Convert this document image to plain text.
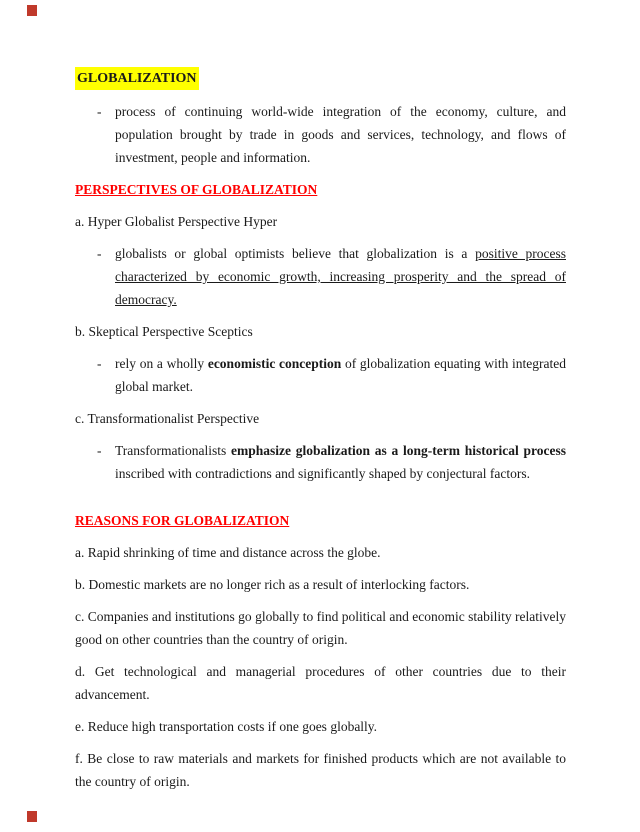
GLOBALIZATION
-	process of continuing world-wide integration of the economy, culture, and population brought by trade in goods and services, technology, and flows of investment, people and information.
PERSPECTIVES OF GLOBALIZATION
a. Hyper Globalist Perspective Hyper
-	globalists or global optimists believe that globalization is a positive process characterized by economic growth, increasing prosperity and the spread of democracy.
b. Skeptical Perspective Sceptics
-	rely on a wholly economistic conception of globalization equating with integrated global market.
c. Transformationalist Perspective
-	Transformationalists emphasize globalization as a long-term historical process inscribed with contradictions and significantly shaped by conjectural factors.
REASONS FOR GLOBALIZATION
a. Rapid shrinking of time and distance across the globe.
b. Domestic markets are no longer rich as a result of interlocking factors.
c. Companies and institutions go globally to find political and economic stability relatively good on other countries than the country of origin.
d. Get technological and managerial procedures of other countries due to their advancement.
e. Reduce high transportation costs if one goes globally.
f. Be close to raw materials and markets for finished products which are not available to the country of origin.
